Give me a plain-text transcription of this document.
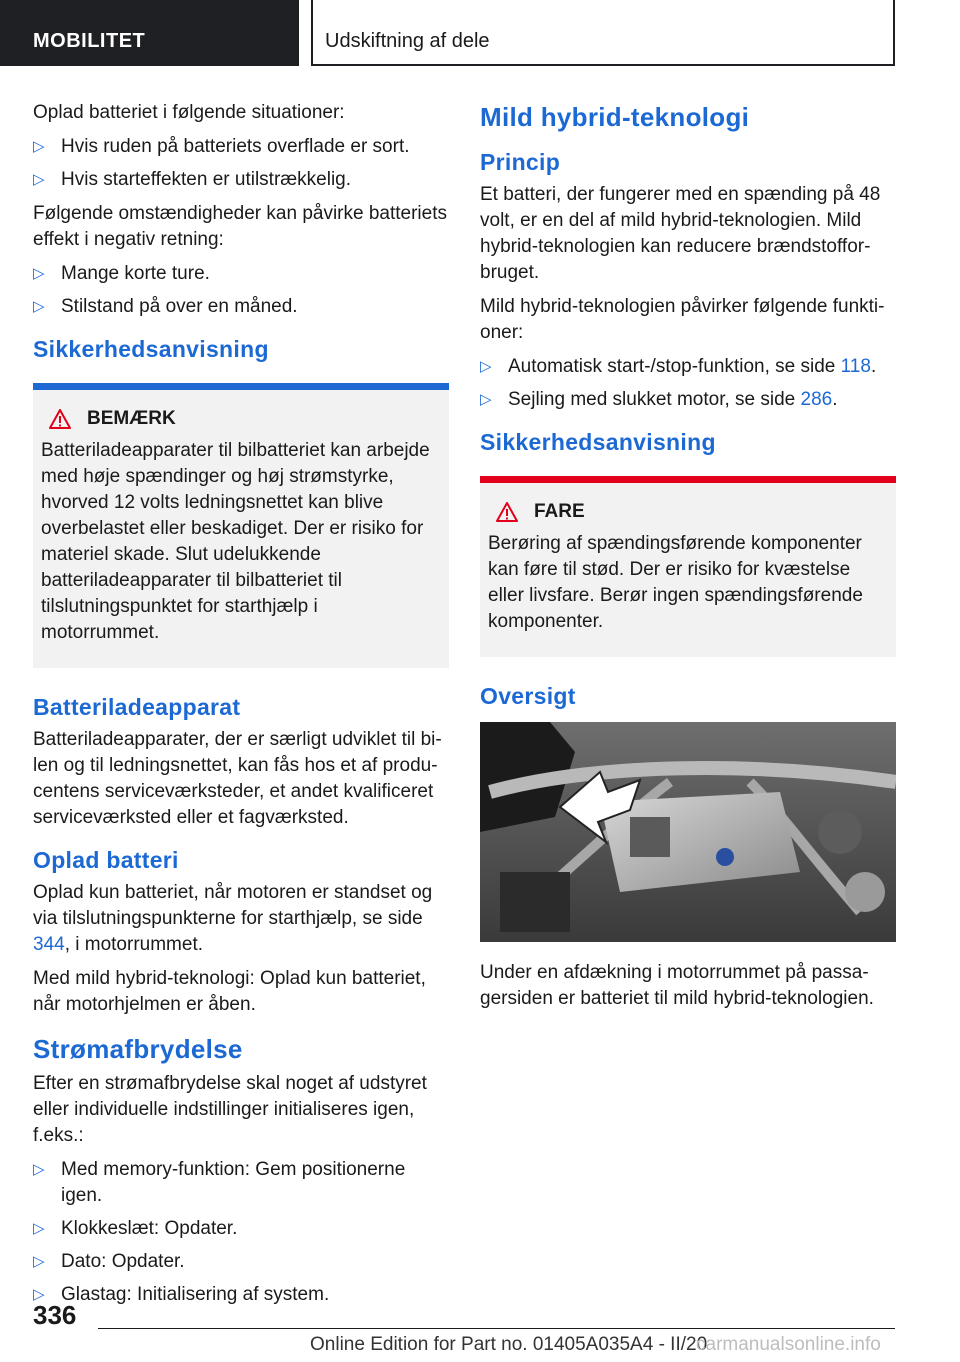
MOBILITET	Udskiftning af dele

Oplad batteriet i følgende situationer:

▷ Hvis ruden på batteriets overflade er sort.
▷ Hvis starteffekten er utilstrækkelig.

Følgende omstændigheder kan påvirke batteriets effekt i negativ retning:

▷ Mange korte ture.
▷ Stilstand på over en måned.
Sikkerhedsanvisning
BEMÆRK

Batteriladeapparater til bilbatteriet kan arbejde med høje spændinger og høj strømstyrke, hvorved 12 volts ledningsnettet kan blive overbelastet eller beskadiget. Der er risiko for materiel skade. Slut udelukkende batteriladeapparater til bilbatteriet til tilslutningspunktet for starthjælp i motorrummet.

Batteriladeapparat

Batteriladeapparater, der er særligt udviklet til bilen og til ledningsnettet, kan fås hos et af producentens serviceværksteder, et andet kvalificeret serviceværksted eller et fagværksted.

Oplad batteri

Oplad kun batteriet, når motoren er standset og via tilslutningspunkterne for starthjælp, se side 344, i motorrummet.

Med mild hybrid-teknologi: Oplad kun batteriet, når motorhjelmen er åben.

Strømafbrydelse

Efter en strømafbrydelse skal noget af udstyret eller individuelle indstillinger initialiseres igen, f.eks.:

▷ Med memory-funktion: Gem positionerne igen.
▷ Klokkeslæt: Opdater.
▷ Dato: Opdater.
▷ Glastag: Initialisering af system.
Mild hybrid-teknologi
Princip

Et batteri, der fungerer med en spænding på 48 volt, er en del af mild hybrid-teknologien. Mild hybrid-teknologien kan reducere brændstofforbruget.

Mild hybrid-teknologien påvirker følgende funktioner:

▷ Automatisk start-/stop-funktion, se side 118.
▷ Sejling med slukket motor, se side 286.
Sikkerhedsanvisning
FARE

Berøring af spændingsførende komponenter kan føre til stød. Der er risiko for kvæstelse eller livsfare. Berør ingen spændingsførende komponenter.

Oversigt

Under en afdækning i motorrummet på passagersiden er batteriet til mild hybrid-teknologien.

336
Online Edition for Part no. 01405A035A4 - II/20
carmanualsonline.info
